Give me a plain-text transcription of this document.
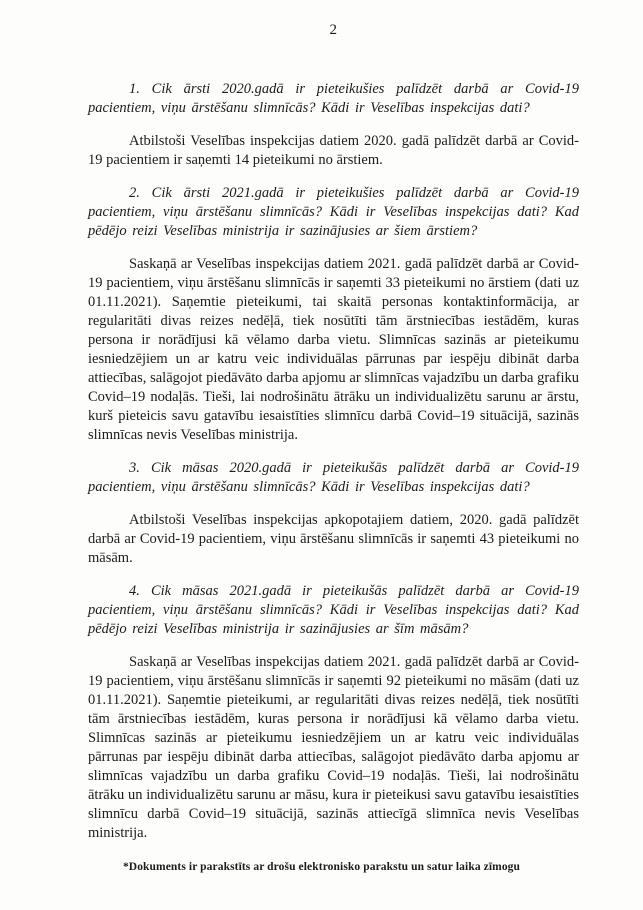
2

1. Cik ārsti 2020.gadā ir pieteikušies palīdzēt darbā ar Covid-19 pacientiem, viņu ārstēšanu slimnīcās? Kādi ir Veselības inspekcijas dati?

Atbilstoši Veselības inspekcijas datiem 2020. gadā palīdzēt darbā ar Covid-19 pacientiem ir saņemti 14 pieteikumi no ārstiem.

2. Cik ārsti 2021.gadā ir pieteikušies palīdzēt darbā ar Covid-19 pacientiem, viņu ārstēšanu slimnīcās? Kādi ir Veselības inspekcijas dati? Kad pēdējo reizi Veselības ministrija ir sazinājusies ar šiem ārstiem?

Saskaņā ar Veselības inspekcijas datiem 2021. gadā palīdzēt darbā ar Covid-19 pacientiem, viņu ārstēšanu slimnīcās ir saņemti 33 pieteikumi no ārstiem (dati uz 01.11.2021). Saņemtie pieteikumi, tai skaitā personas kontaktinformācija, ar regularitāti divas reizes nedēļā, tiek nosūtīti tām ārstniecības iestādēm, kuras persona ir norādījusi kā vēlamo darba vietu. Slimnīcas sazinās ar pieteikumu iesniedzējiem un ar katru veic individuālas pārrunas par iespēju dibināt darba attiecības, salāgojot piedāvāto darba apjomu ar slimnīcas vajadzību un darba grafiku Covid–19 nodaļās. Tieši, lai nodrošinātu ātrāku un individualizētu sarunu ar ārstu, kurš pieteicis savu gatavību iesaistīties slimnīcu darbā Covid–19 situācijā, sazinās slimnīcas nevis Veselības ministrija.

3. Cik māsas 2020.gadā ir pieteikušās palīdzēt darbā ar Covid-19 pacientiem, viņu ārstēšanu slimnīcās? Kādi ir Veselības inspekcijas dati?

Atbilstoši Veselības inspekcijas apkopotajiem datiem, 2020. gadā palīdzēt darbā ar Covid-19 pacientiem, viņu ārstēšanu slimnīcās ir saņemti 43 pieteikumi no māsām.

4. Cik māsas 2021.gadā ir pieteikušās palīdzēt darbā ar Covid-19 pacientiem, viņu ārstēšanu slimnīcās? Kādi ir Veselības inspekcijas dati? Kad pēdējo reizi Veselības ministrija ir sazinājusies ar šīm māsām?

Saskaņā ar Veselības inspekcijas datiem 2021. gadā palīdzēt darbā ar Covid-19 pacientiem, viņu ārstēšanu slimnīcās ir saņemti 92 pieteikumi no māsām (dati uz 01.11.2021). Saņemtie pieteikumi, ar regularitāti divas reizes nedēļā, tiek nosūtīti tām ārstniecības iestādēm, kuras persona ir norādījusi kā vēlamo darba vietu. Slimnīcas sazinās ar pieteikumu iesniedzējiem un ar katru veic individuālas pārrunas par iespēju dibināt darba attiecības, salāgojot piedāvāto darba apjomu ar slimnīcas vajadzību un darba grafiku Covid–19 nodaļās. Tieši, lai nodrošinātu ātrāku un individualizētu sarunu ar māsu, kura ir pieteikusi savu gatavību iesaistīties slimnīcu darbā Covid–19 situācijā, sazinās attiecīgā slimnīca nevis Veselības ministrija.

*Dokuments ir parakstīts ar drošu elektronisko parakstu un satur laika zīmogu
